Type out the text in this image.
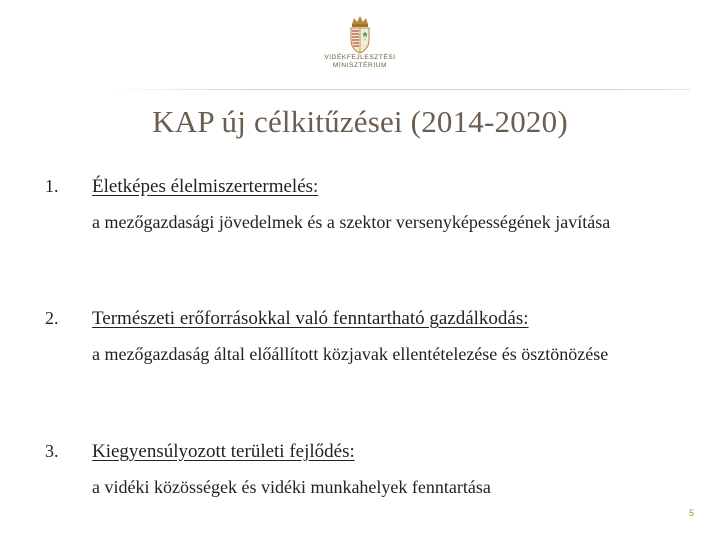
VIDÉKFEJLESZTÉSI
MINISZTÉRIUM
KAP új célkitűzései (2014-2020)
1. Életképes élelmiszertermelés:
a mezőgazdasági jövedelmek és a szektor versenyképességének javítása
2. Természeti erőforrásokkal való fenntartható gazdálkodás:
a mezőgazdaság által előállított közjavak ellentételezése és ösztönözése
3. Kiegyensúlyozott területi fejlődés:
a vidéki közösségek és vidéki munkahelyek fenntartása
5
